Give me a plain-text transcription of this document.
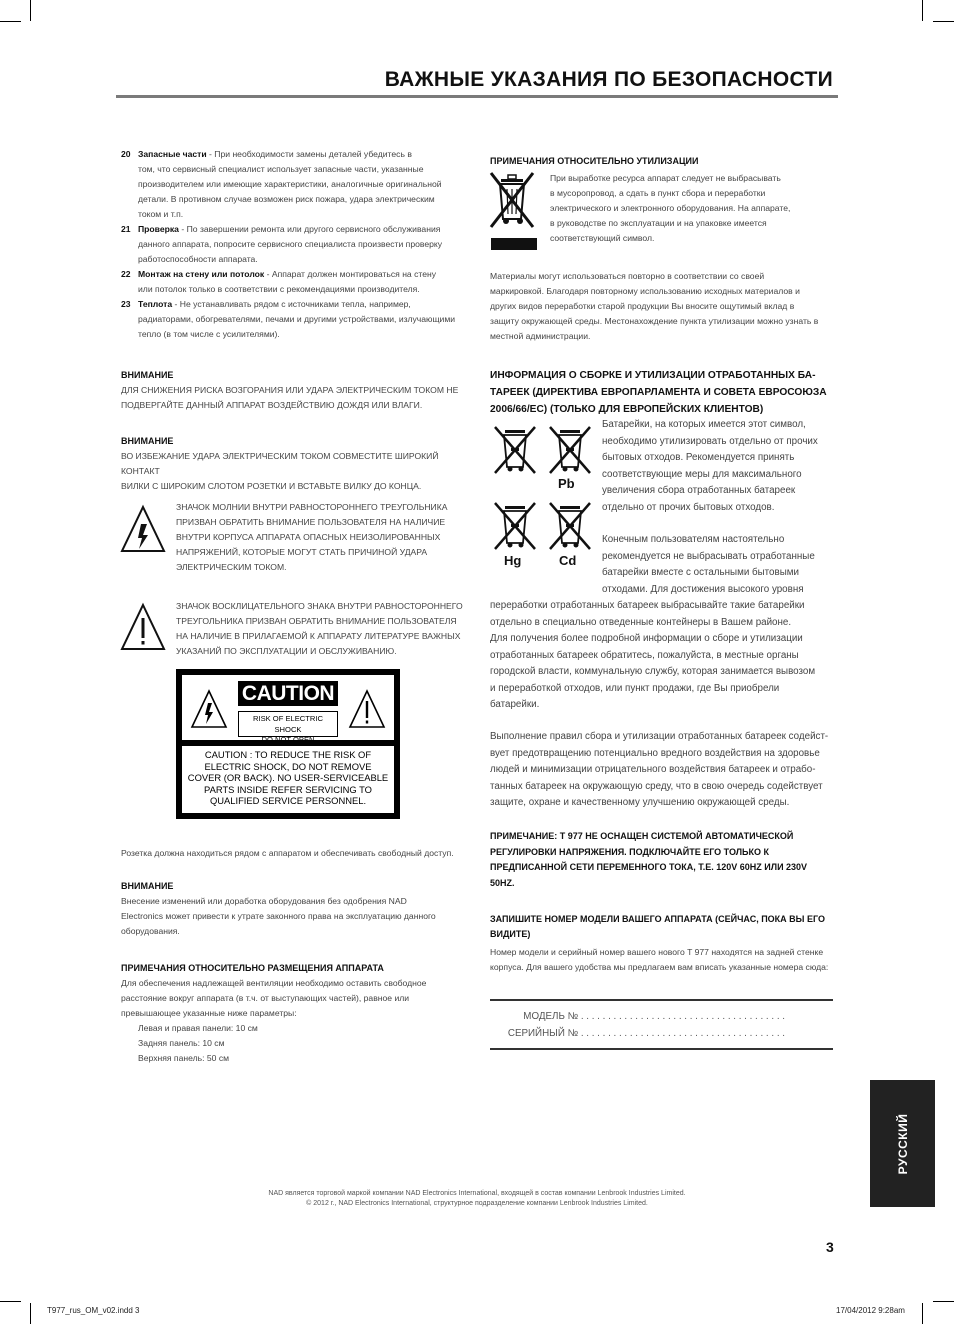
ВАЖНЫЕ УКАЗАНИЯ ПО БЕЗОПАСНОСТИ
20 Запасные части - При необходимости замены деталей убедитесь в
том, что сервисный специалист использует запасные части, указанные
производителем или имеющие характеристики, аналогичные оригинальной
детали. В противном случае возможен риск пожара, удара электрическим
током и т.п.
21 Проверка - По завершении ремонта или другого сервисного обслуживания
данного аппарата, попросите сервисного специалиста произвести проверку
работоспособности аппарата.
22 Монтаж на стену или потолок - Аппарат должен монтироваться на стену
или потолок только в соответствии с рекомендациями производителя.
23 Теплота - Не устанавливать рядом с источниками тепла, например,
радиаторами, обогревателями, печами и другими устройствами, излучающими
тепло (в том числе с усилителями).
ВНИМАНИЕ
ДЛЯ СНИЖЕНИЯ РИСКА ВОЗГОРАНИЯ ИЛИ УДАРА ЭЛЕКТРИЧЕСКИМ ТОКОМ НЕ
ПОДВЕРГАЙТЕ ДАННЫЙ АППАРАТ ВОЗДЕЙСТВИЮ ДОЖДЯ ИЛИ ВЛАГИ.
ВНИМАНИЕ
ВО ИЗБЕЖАНИЕ УДАРА ЭЛЕКТРИЧЕСКИМ ТОКОМ СОВМЕСТИТЕ ШИРОКИЙ КОНТАКТ
ВИЛКИ С ШИРОКИМ СЛОТОМ РОЗЕТКИ И ВСТАВЬТЕ ВИЛКУ ДО КОНЦА.
ЗНАЧОК МОЛНИИ ВНУТРИ РАВНОСТОРОННЕГО ТРЕУГОЛЬНИКА
ПРИЗВАН ОБРАТИТЬ ВНИМАНИЕ ПОЛЬЗОВАТЕЛЯ НА НАЛИЧИЕ
ВНУТРИ КОРПУСА АППАРАТА ОПАСНЫХ НЕИЗОЛИРОВАННЫХ
НАПРЯЖЕНИЙ, КОТОРЫЕ МОГУТ СТАТЬ ПРИЧИНОЙ УДАРА
ЭЛЕКТРИЧЕСКИМ ТОКОМ.
ЗНАЧОК ВОСКЛИЦАТЕЛЬНОГО ЗНАКА ВНУТРИ РАВНОСТОРОННЕГО
ТРЕУГОЛЬНИКА ПРИЗВАН ОБРАТИТЬ ВНИМАНИЕ ПОЛЬЗОВАТЕЛЯ
НА НАЛИЧИЕ В ПРИЛАГАЕМОЙ К АППАРАТУ ЛИТЕРАТУРЕ ВАЖНЫХ
УКАЗАНИЙ ПО ЭКСПЛУАТАЦИИ И ОБСЛУЖИВАНИЮ.
CAUTION
RISK OF ELECTRIC SHOCK
DO NOT OPEN
CAUTION : TO REDUCE THE RISK OF
ELECTRIC SHOCK, DO NOT REMOVE
COVER (OR BACK). NO USER-SERVICEABLE
PARTS INSIDE REFER SERVICING TO
QUALIFIED SERVICE PERSONNEL.
Розетка должна находиться рядом с аппаратом и обеспечивать свободный доступ.
ВНИМАНИЕ
Внесение изменений или доработка оборудования без одобрения NAD
Electronics может привести к утрате законного права на эксплуатацию данного
оборудования.
ПРИМЕЧАНИЯ ОТНОСИТЕЛЬНО РАЗМЕЩЕНИЯ АППАРАТА
Для обеспечения надлежащей вентиляции необходимо оставить свободное
расстояние вокруг аппарата (в т.ч. от выступающих частей), равное или
превышающее указанные ниже параметры:
Левая и правая панели: 10 см
Задняя панель: 10 см
Верхняя панель: 50 см
ПРИМЕЧАНИЯ ОТНОСИТЕЛЬНО УТИЛИЗАЦИИ
При выработке ресурса аппарат следует не выбрасывать
в мусоропровод, а сдать в пункт сбора и переработки
электрического и электронного оборудования. На аппарате,
в руководстве по эксплуатации и на упаковке имеется
соответствующий символ.
Материалы могут использоваться повторно в соответствии со своей
маркировкой. Благодаря повторному использованию исходных материалов и
других видов переработки старой продукции Вы вносите ощутимый вклад в
защиту окружающей среды. Местонахождение пункта утилизации можно узнать в
местной администрации.
ИНФОРМАЦИЯ О СБОРКЕ И УТИЛИЗАЦИИ ОТРАБОТАННЫХ БА-
ТАРЕЕК (ДИРЕКТИВА ЕВРОПАРЛАМЕНТА И СОВЕТА ЕВРОСОЮЗА
2006/66/EC) (ТОЛЬКО ДЛЯ ЕВРОПЕЙСКИХ КЛИЕНТОВ)
Pb
Hg	Cd
Батарейки, на которых имеется этот символ,
необходимо утилизировать отдельно от прочих
бытовых отходов. Рекомендуется принять
соответствующие меры для максимального
увеличения сбора отработанных батареек
отдельно от прочих бытовых отходов.
Конечным пользователям настоятельно
рекомендуется не выбрасывать отработанные
батарейки вместе с остальными бытовыми
отходами. Для достижения высокого уровня
переработки отработанных батареек выбрасывайте такие батарейки
отдельно в специально отведенные контейнеры в Вашем районе.
Для получения более подробной информации о сборе и утилизации
отработанных батареек обратитесь, пожалуйста, в местные органы
городской власти, коммунальную службу, которая занимается вывозом
и переработкой отходов, или пункт продажи, где Вы приобрели
батарейки.
Выполнение правил сбора и утилизации отработанных батареек содейст-
вует предотвращению потенциально вредного воздействия на здоровье
людей и минимизации отрицательного воздействия батареек и отрабо-
танных батареек на окружающую среду, что в свою очередь содействует
защите, охране и качественному улучшению окружающей среды.
ПРИМЕЧАНИЕ: T 977 НЕ ОСНАЩЕН СИСТЕМОЙ АВТОМАТИЧЕСКОЙ
РЕГУЛИРОВКИ НАПРЯЖЕНИЯ. ПОДКЛЮЧАЙТЕ ЕГО ТОЛЬКО К
ПРЕДПИСАННОЙ СЕТИ ПЕРЕМЕННОГО ТОКА, Т.Е. 120V 60HZ ИЛИ 230V
50HZ.
ЗАПИШИТЕ НОМЕР МОДЕЛИ ВАШЕГО АППАРАТА (СЕЙЧАС, ПОКА ВЫ ЕГО
ВИДИТЕ)
Номер модели и серийный номер вашего нового T 977 находятся на задней стенке
корпуса. Для вашего удобства мы предлагаем вам вписать указанные номера сюда:
МОДЕЛЬ № . . . . . . . . . . . . . . . . . . . . . . . . . . . . . . . . . . . . . .
СЕРИЙНЫЙ № . . . . . . . . . . . . . . . . . . . . . . . . . . . . . . . . . . . . . .
РУССКИЙ
NAD является торговой маркой компании NAD Electronics International, входящей в состав компании Lenbrook Industries Limited.
© 2012 г., NAD Electronics International, структурное подразделение компании Lenbrook Industries Limited.
3
T977_rus_OM_v02.indd 3	17/04/2012 9:28am
